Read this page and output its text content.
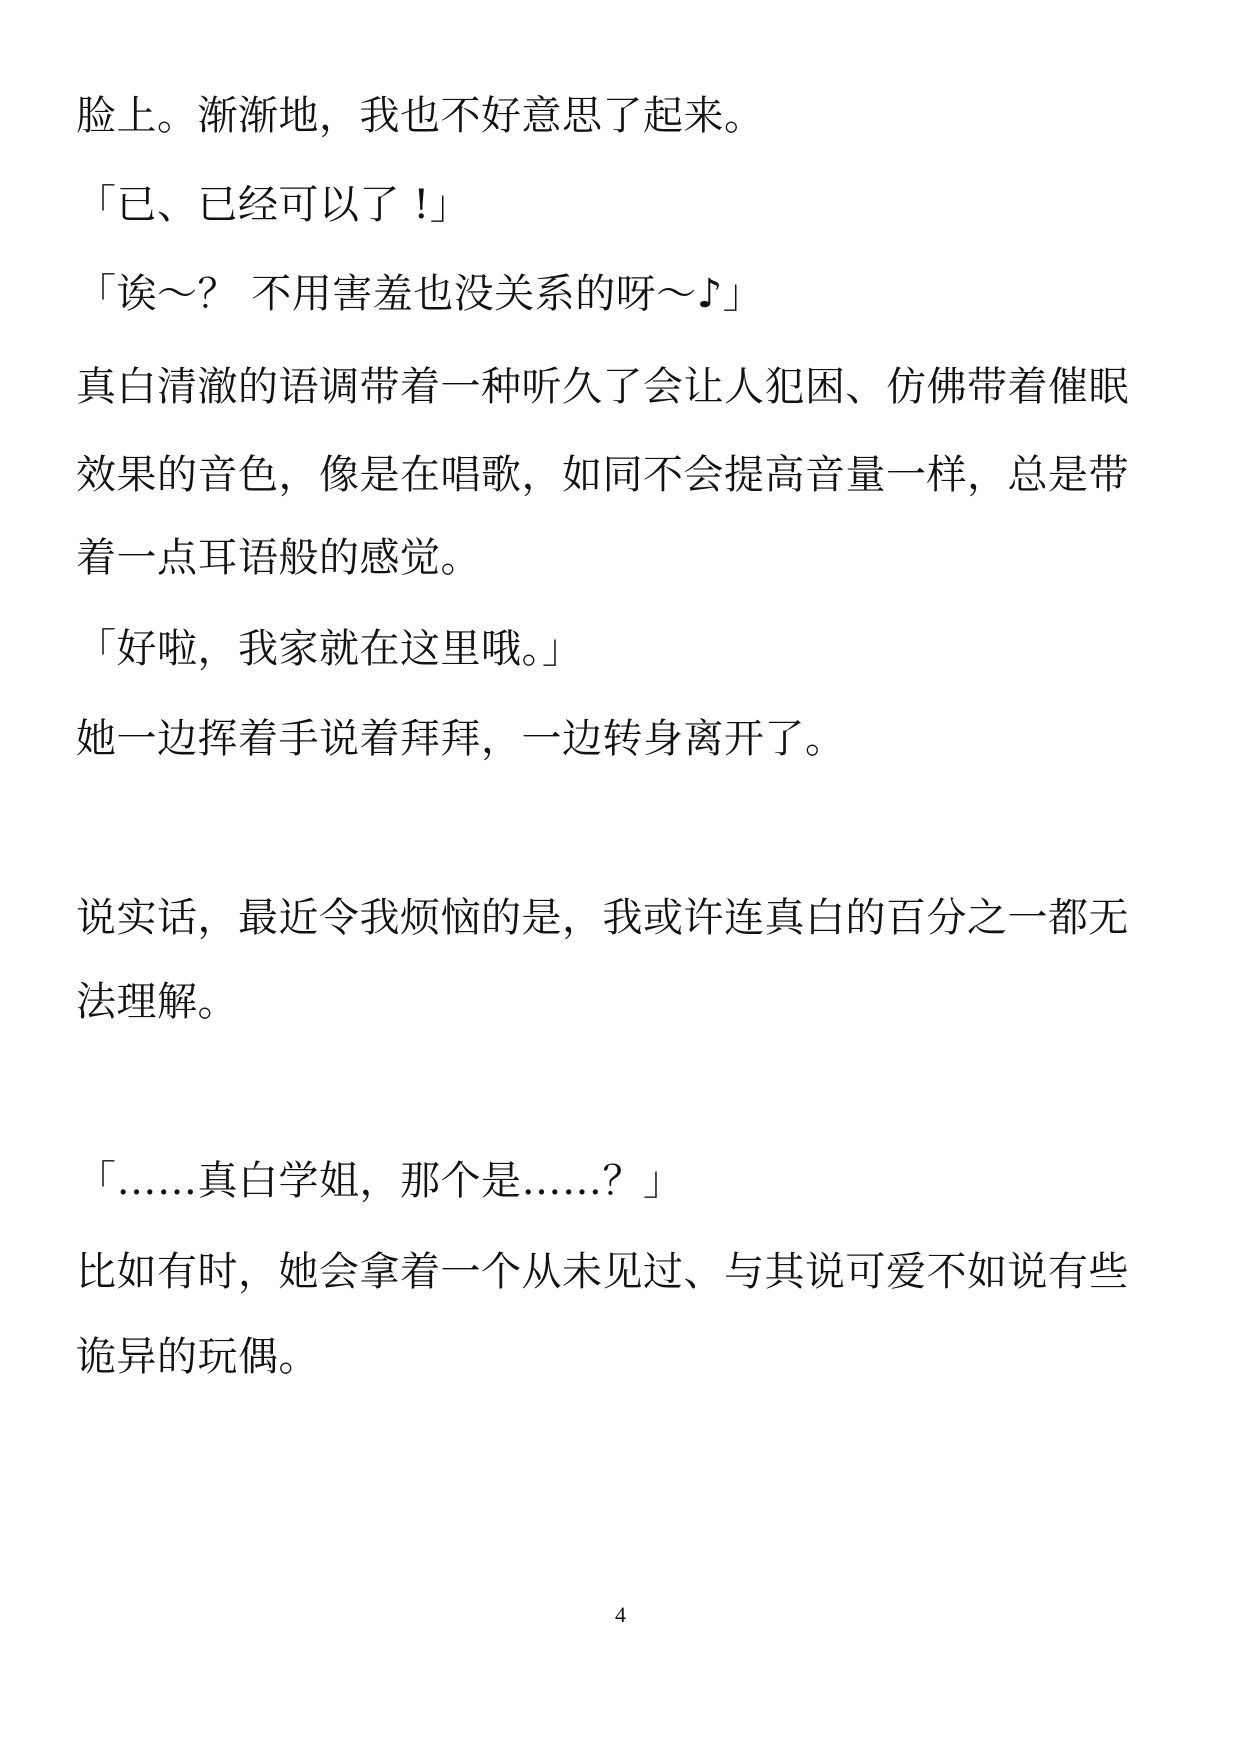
脸上。渐渐地，我也不好意思了起来。
「已、已经可以了 !」
「诶～？ 不用害羞也没关系的呀～♪」
真白清澈的语调带着一种听久了会让人犯困、仿佛带着催眠
效果的音色，像是在唱歌，如同不会提高音量一样，总是带
着一点耳语般的感觉。
「好啦，我家就在这里哦。」
她一边挥着手说着拜拜，一边转身离开了。
说实话，最近令我烦恼的是，我或许连真白的百分之一都无
法理解。
「……真白学姐，那个是……？」
比如有时，她会拿着一个从未见过、与其说可爱不如说有些
诡异的玩偶。
4
